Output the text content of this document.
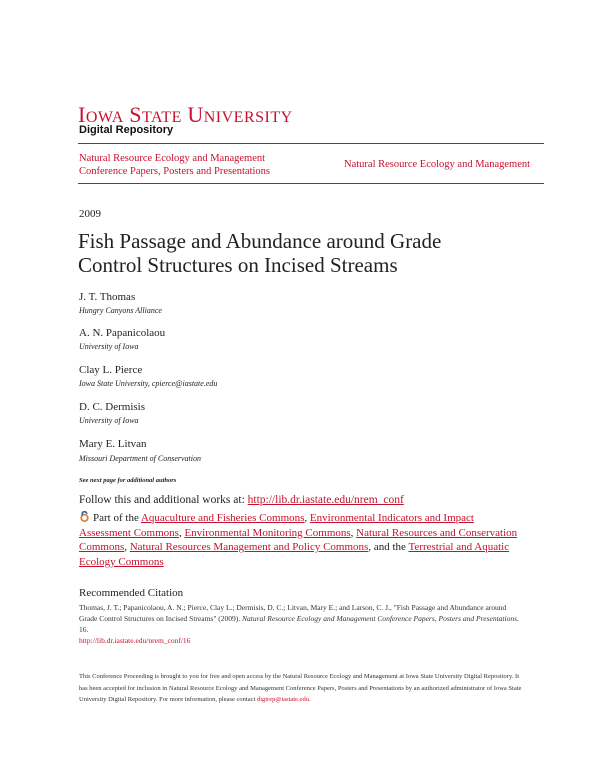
IOWA STATE UNIVERSITY
Digital Repository
Natural Resource Ecology and Management
Conference Papers, Posters and Presentations
Natural Resource Ecology and Management
2009
Fish Passage and Abundance around Grade
Control Structures on Incised Streams
J. T. Thomas
Hungry Canyons Alliance
A. N. Papanicolaou
University of Iowa
Clay L. Pierce
Iowa State University, cpierce@iastate.edu
D. C. Dermisis
University of Iowa
Mary E. Litvan
Missouri Department of Conservation
See next page for additional authors
Follow this and additional works at: http://lib.dr.iastate.edu/nrem_conf
Part of the Aquaculture and Fisheries Commons, Environmental Indicators and Impact Assessment Commons, Environmental Monitoring Commons, Natural Resources and Conservation Commons, Natural Resources Management and Policy Commons, and the Terrestrial and Aquatic Ecology Commons
Recommended Citation
Thomas, J. T.; Papanicolaou, A. N.; Pierce, Clay L.; Dermisis, D. C.; Litvan, Mary E.; and Larson, C. J., "Fish Passage and Abundance around Grade Control Structures on Incised Streams" (2009). Natural Resource Ecology and Management Conference Papers, Posters and Presentations. 16.
http://lib.dr.iastate.edu/nrem_conf/16
This Conference Proceeding is brought to you for free and open access by the Natural Resource Ecology and Management at Iowa State University Digital Repository. It has been accepted for inclusion in Natural Resource Ecology and Management Conference Papers, Posters and Presentations by an authorized administrator of Iowa State University Digital Repository. For more information, please contact digirep@iastate.edu.
